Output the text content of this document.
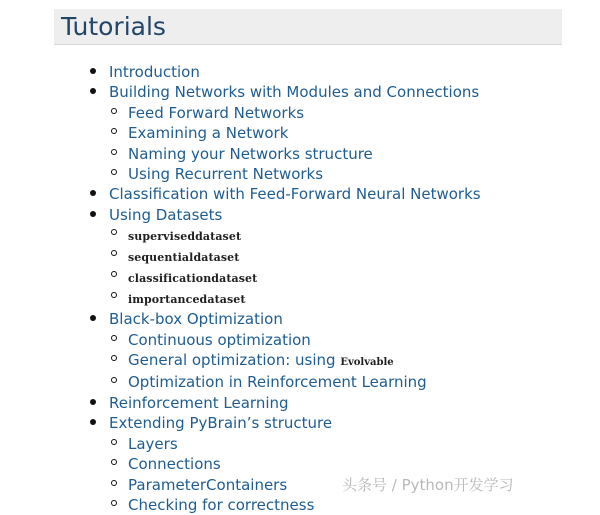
Tutorials
Introduction
Building Networks with Modules and Connections
Feed Forward Networks
Examining a Network
Naming your Networks structure
Using Recurrent Networks
Classification with Feed-Forward Neural Networks
Using Datasets
superviseddataset
sequentialdataset
classificationdataset
importancedataset
Black-box Optimization
Continuous optimization
General optimization: using Evolvable
Optimization in Reinforcement Learning
Reinforcement Learning
Extending PyBrain’s structure
Layers
Connections
ParameterContainers
Checking for correctness
头条号 / Python开发学习
